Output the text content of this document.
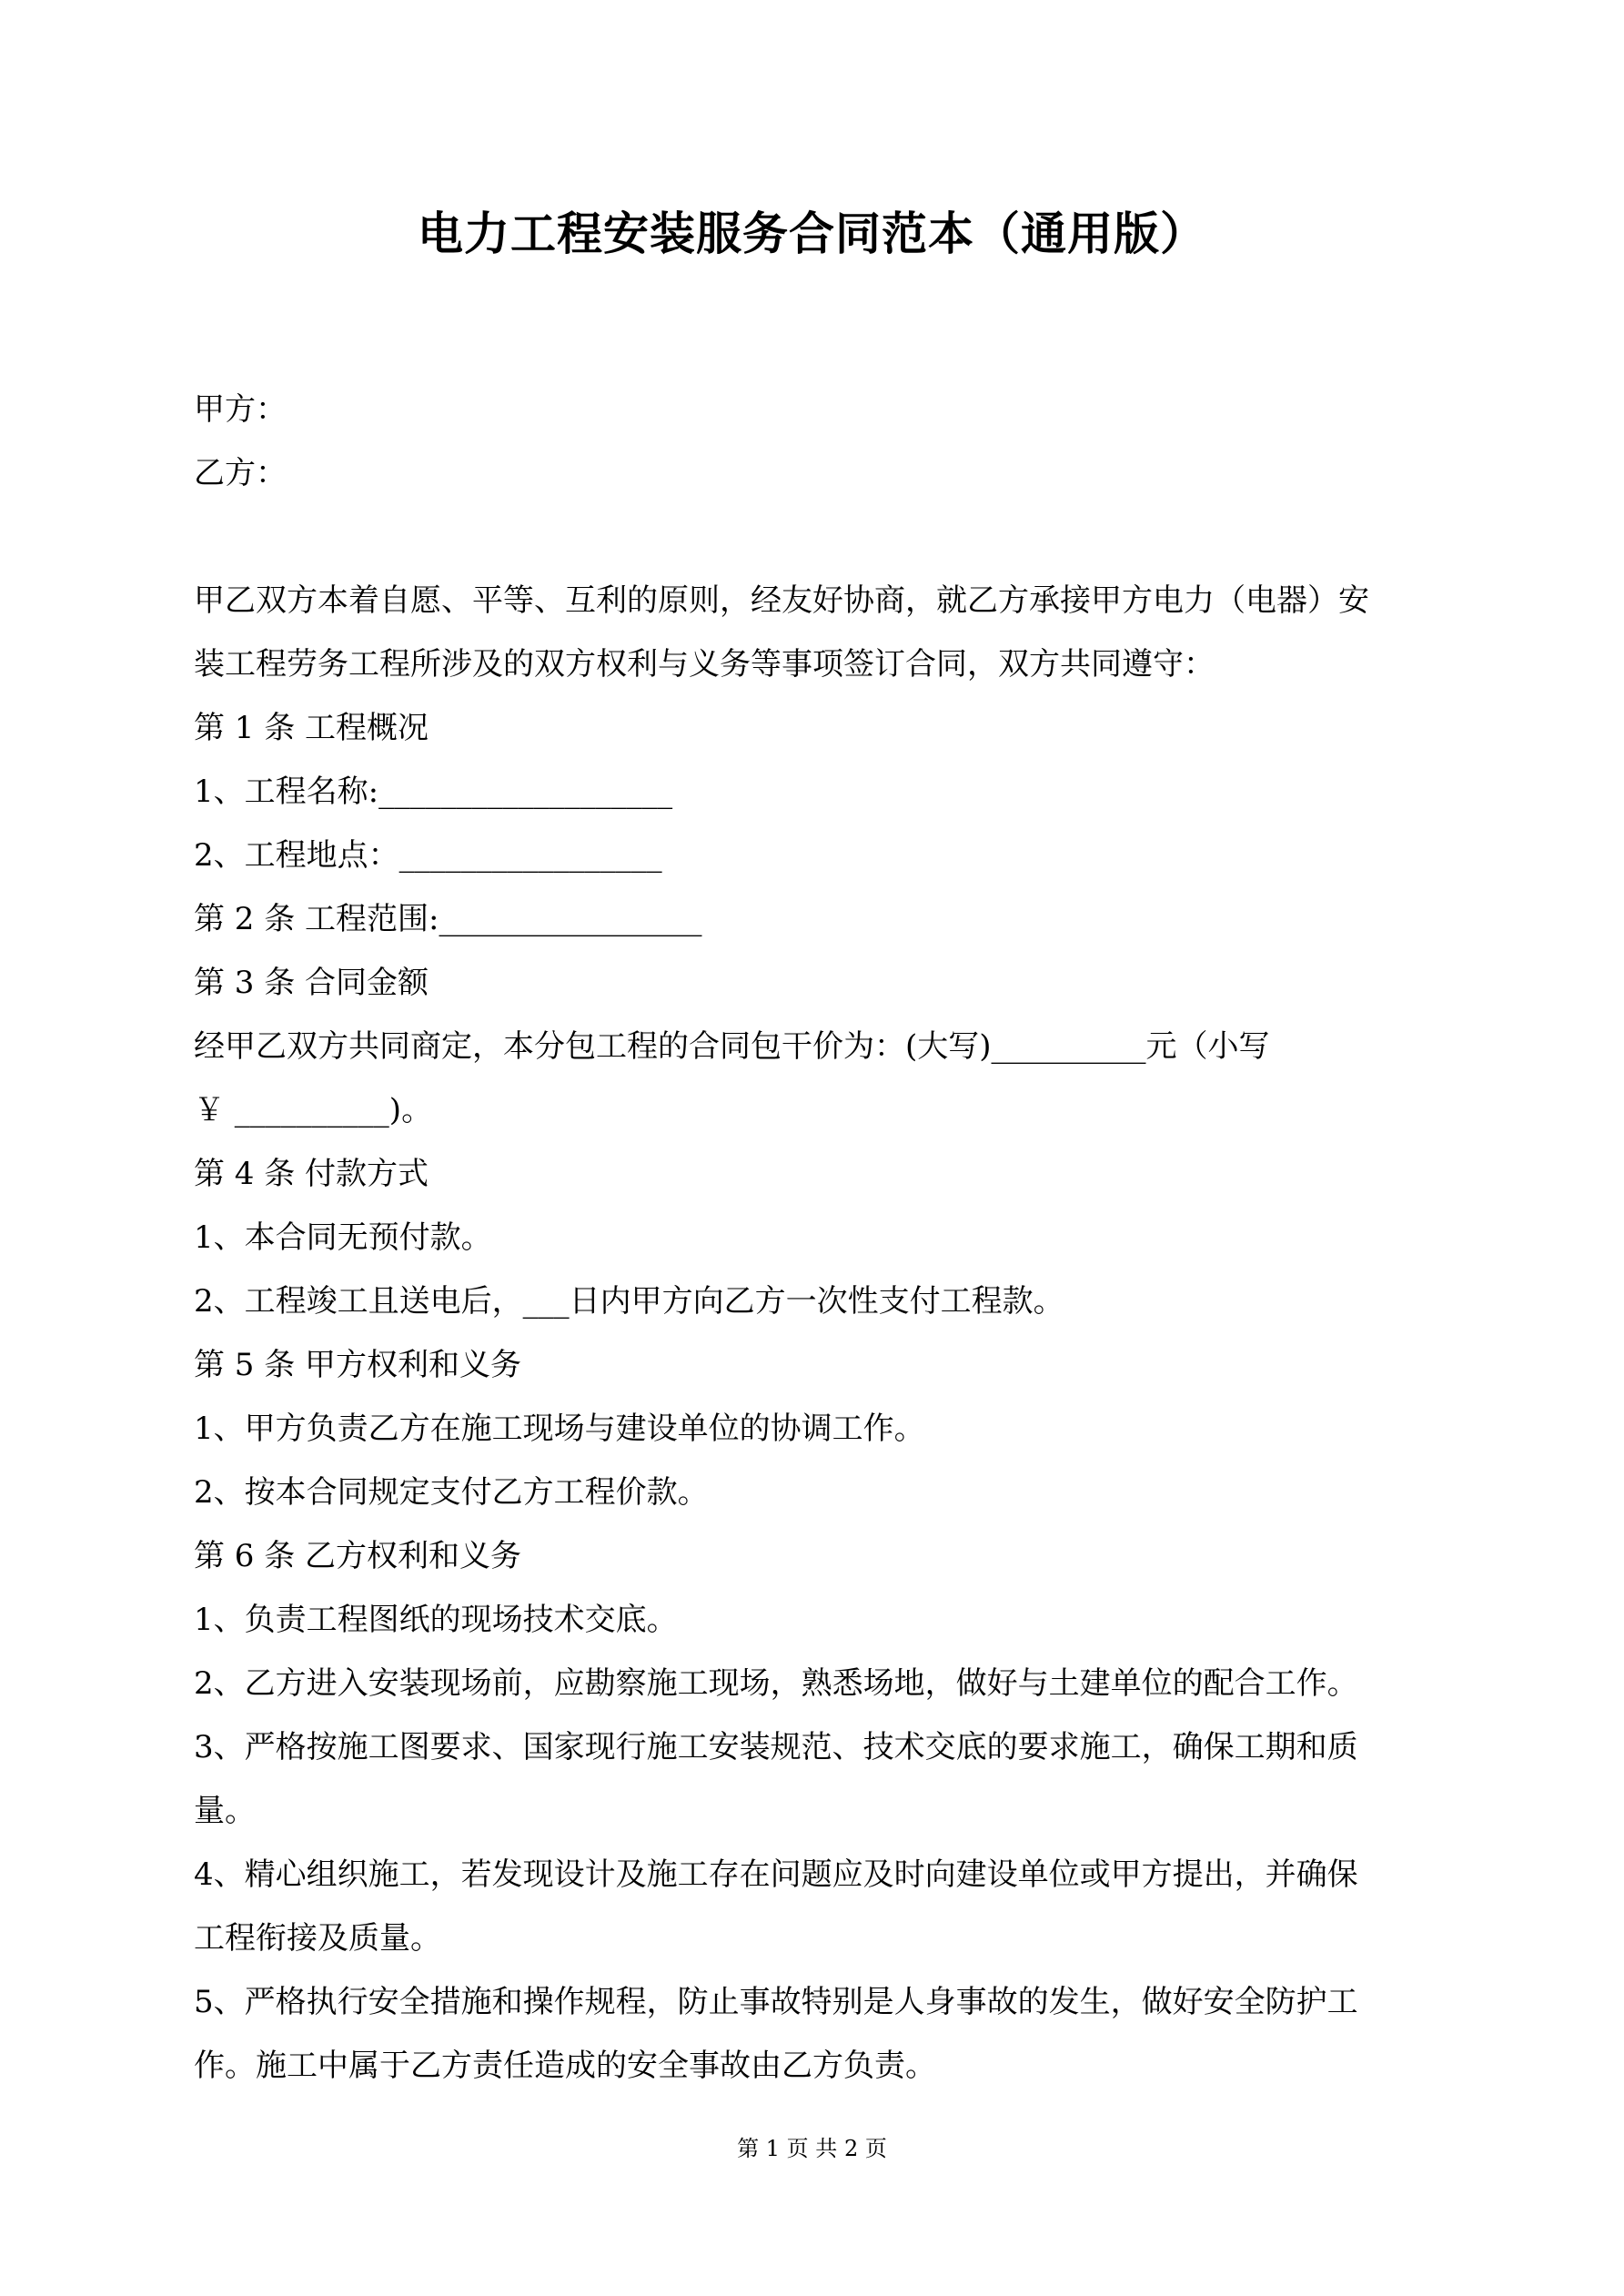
电力工程安装服务合同范本（通用版）
甲方：
乙方：
甲乙双方本着自愿、平等、互利的原则，经友好协商，就乙方承接甲方电力（电器）安
装工程劳务工程所涉及的双方权利与义务等事项签订合同，双方共同遵守：
第 1 条 工程概况
1、工程名称:___________________
2、工程地点：_________________
第 2 条 工程范围:_________________
第 3 条 合同金额
经甲乙双方共同商定，本分包工程的合同包干价为：(大写)__________元（小写
￥ __________)。
第 4 条 付款方式
1、本合同无预付款。
2、工程竣工且送电后，___日内甲方向乙方一次性支付工程款。
第 5 条 甲方权利和义务
1、甲方负责乙方在施工现场与建设单位的协调工作。
2、按本合同规定支付乙方工程价款。
第 6 条 乙方权利和义务
1、负责工程图纸的现场技术交底。
2、乙方进入安装现场前，应勘察施工现场，熟悉场地，做好与土建单位的配合工作。
3、严格按施工图要求、国家现行施工安装规范、技术交底的要求施工，确保工期和质
量。
4、精心组织施工，若发现设计及施工存在问题应及时向建设单位或甲方提出，并确保
工程衔接及质量。
5、严格执行安全措施和操作规程，防止事故特别是人身事故的发生，做好安全防护工
作。施工中属于乙方责任造成的安全事故由乙方负责。
第 1 页 共 2 页
